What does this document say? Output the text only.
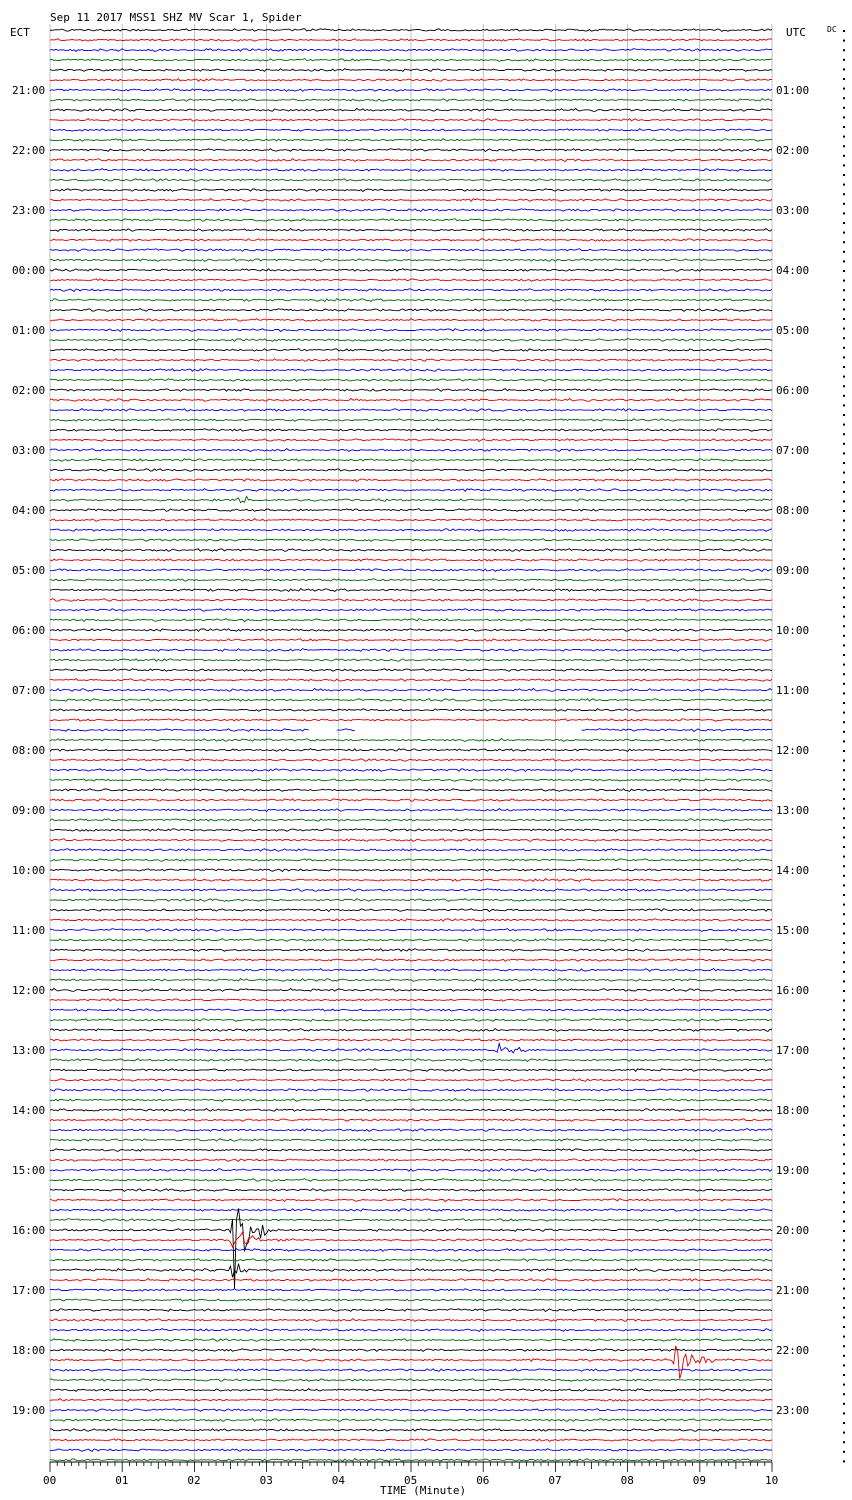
Sep 11 2017 MSS1 SHZ MV Scar 1, Spider
ECT	UTC	DC
21:00
22:00
23:00
00:00
01:00
02:00
03:00
04:00
05:00
06:00
07:00
08:00
09:00
10:00
11:00
12:00
13:00
14:00
15:00
16:00
17:00
18:00
19:00
01:00
02:00
03:00
04:00
05:00
06:00
07:00
08:00
09:00
10:00
11:00
12:00
13:00
14:00
15:00
16:00
17:00
18:00
19:00
20:00
21:00
22:00
23:00
00	01	02	03	04	05	06	07	08	09	10
TIME (Minute)
